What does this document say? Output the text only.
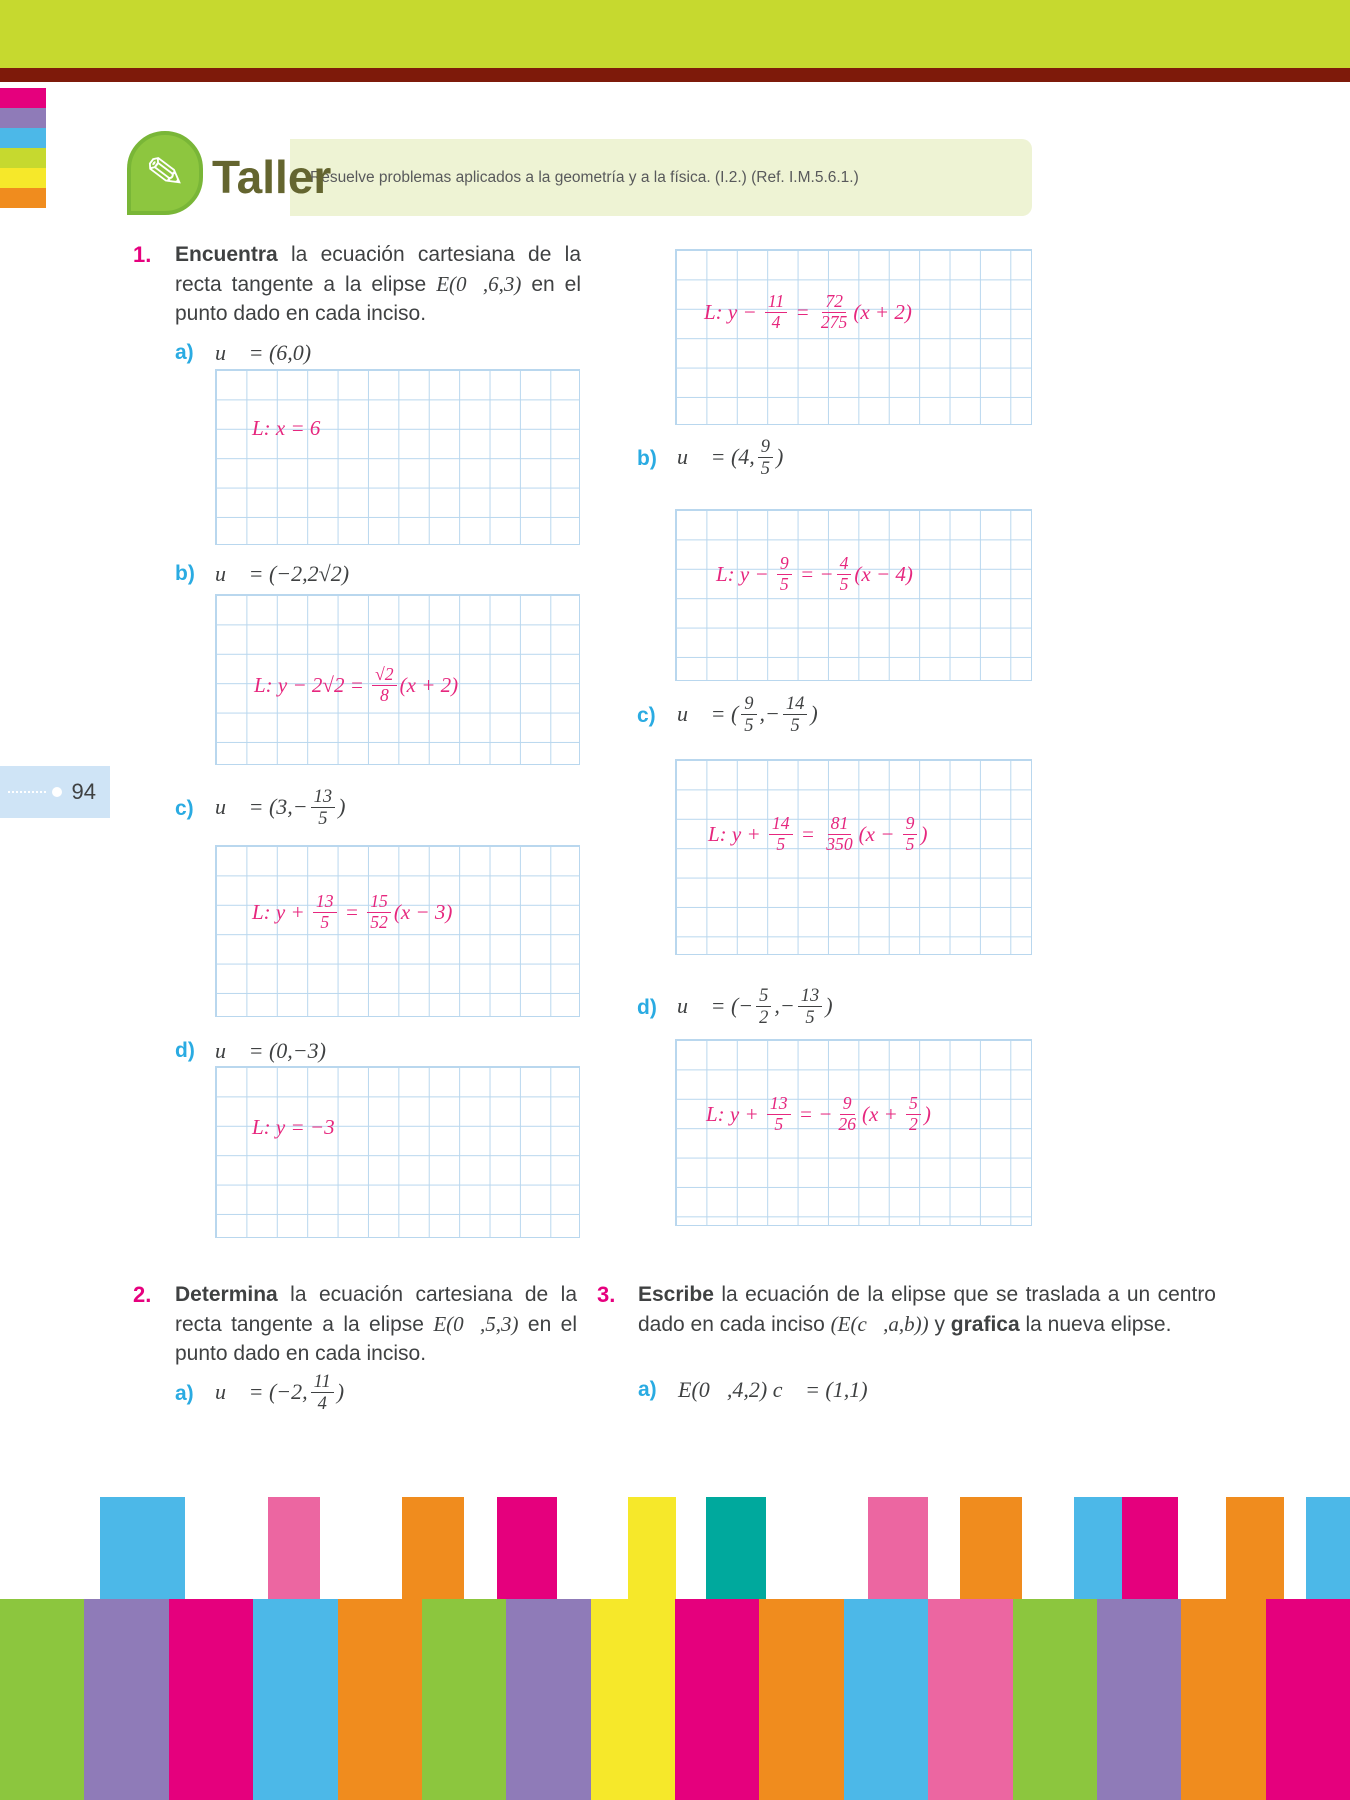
✎ Taller
Resuelve problemas aplicados a la geometría y a la física. (I.2.) (Ref. I.M.5.6.1.)
94
1. Encuentra la ecuación cartesiana de la recta tangente a la elipse E(0⃗,6,3) en el punto dado en cada inciso.
a) u⃗ = (6,0)
L: x = 6
b) u⃗ = (−2,2√2)
L: $y - 2√2 = \frac{√2}{8} (x + 2)$
c) u⃗ = ($3,- \frac{13}{5}$ )
L: $y + \frac{13}{5} = \frac{15}{52} (x - 3)$
d) u⃗ = (0,−3)
L: y = −3
L: $y - \frac{11}{4} = \frac{72}{275} (x + 2)$
b) u⃗ = (4, $\frac{9}{5}$ )
L: $y - \frac{9}{5}$ = − $\frac{4}{5} (x - 4)$
c) u⃗ = ( $\frac{9}{5}$ ,− $\frac{14}{5}$ )
L: $y + \frac{14}{5} = \frac{81}{350} (x - \frac{9}{5}$ )
d) u⃗ = (− $\frac{5}{2}$ ,− $\frac{13}{5}$ )
L: $y + \frac{13}{5}$ = − $\frac{9}{26} (x + \frac{5}{2}$ )
2. Determina la ecuación cartesiana de la recta tangente a la elipse E(0⃗,5,3) en el punto dado en cada inciso.
a) u⃗ = (−2, $\frac{11}{4}$ )
3. Escribe la ecuación de la elipse que se traslada a un centro dado en cada inciso (E(c⃗,a,b)) y grafica la nueva elipse.
a) E(0⃗,4,2) c⃗ = (1,1)
